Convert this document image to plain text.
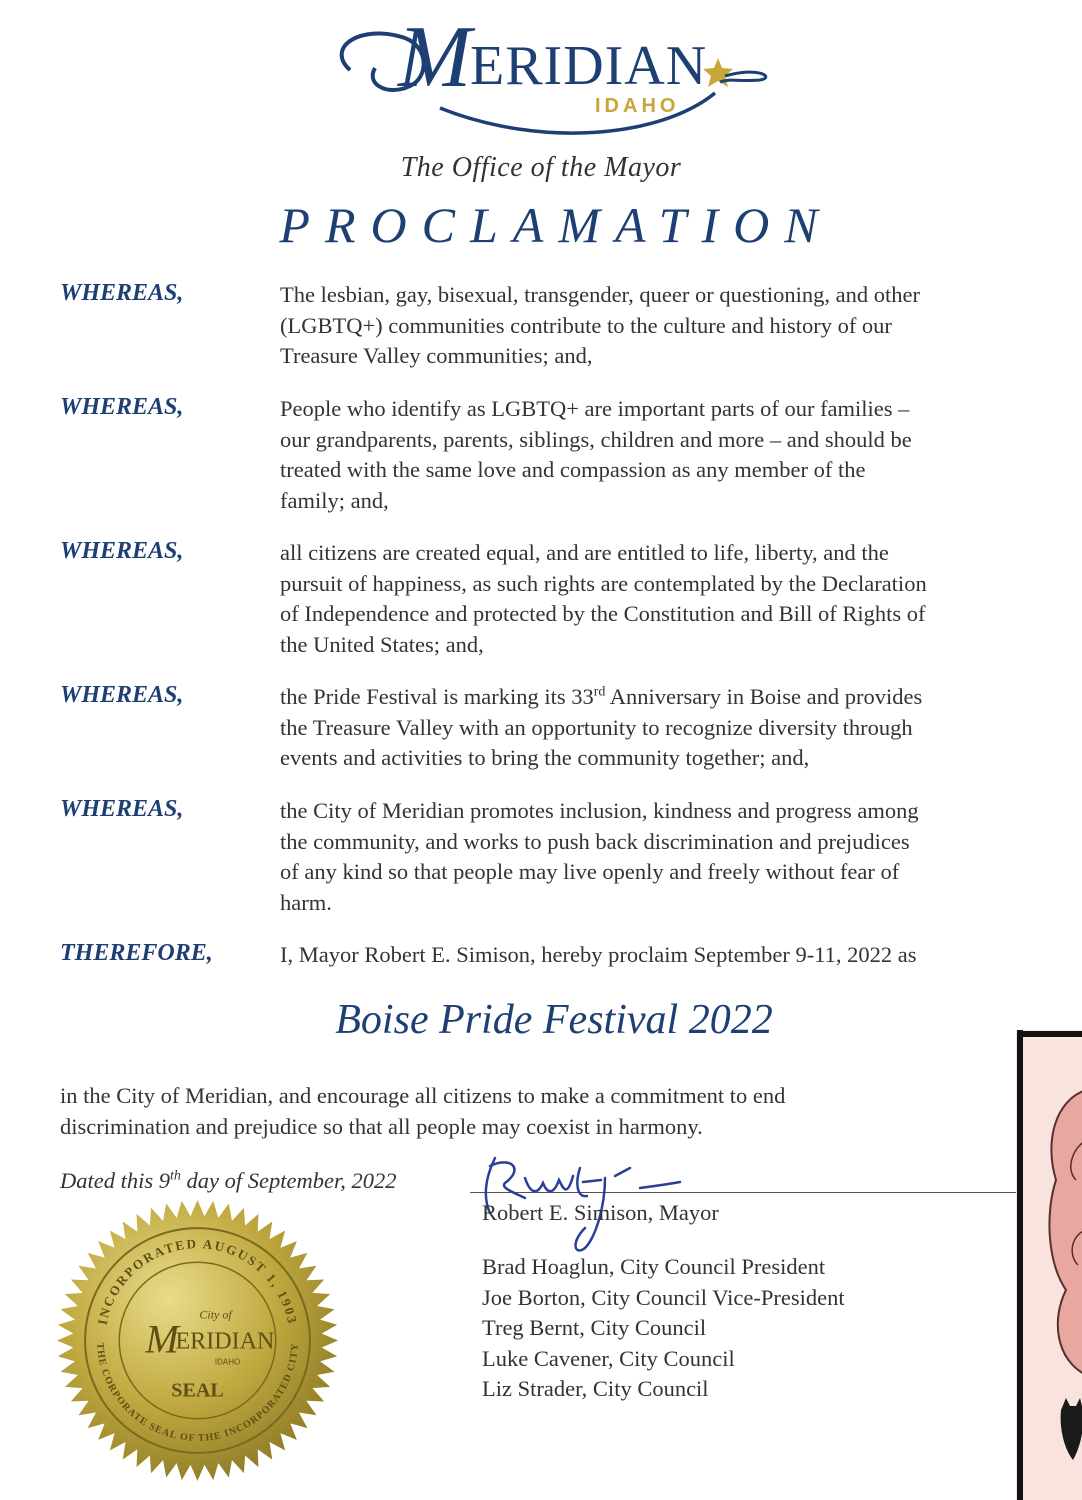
M
ERIDIAN
IDAHO
The Office of the Mayor
PROCLAMATION
WHEREAS,	The lesbian, gay, bisexual, transgender, queer or questioning, and other

(LGBTQ+) communities contribute to the culture and history of our

Treasure Valley communities; and,

WHEREAS,	People who identify as LGBTQ+ are important parts of our families –

our grandparents, parents, siblings, children and more – and should be

treated with the same love and compassion as any member of the

family; and,

WHEREAS,	all citizens are created equal, and are entitled to life, liberty, and the

pursuit of happiness, as such rights are contemplated by the Declaration

of Independence and protected by the Constitution and Bill of Rights of

the United States; and,

WHEREAS,	the Pride Festival is marking its 33rd Anniversary in Boise and provides

the Treasure Valley with an opportunity to recognize diversity through

events and activities to bring the community together; and,

WHEREAS,	the City of Meridian promotes inclusion, kindness and progress among

the community, and works to push back discrimination and prejudices

of any kind so that people may live openly and freely without fear of

harm.

THEREFORE,	I, Mayor Robert E. Simison, hereby proclaim September 9-11, 2022 as

Boise Pride Festival 2022

in the City of Meridian, and encourage all citizens to make a commitment to end

discrimination and prejudice so that all people may coexist in harmony.

Dated this 9th day of September, 2022
Robert E. Simison, Mayor
Brad Hoaglun, City Council President
Joe Borton, City Council Vice-President
Treg Bernt, City Council
Luke Cavener, City Council
Liz Strader, City Council
INCORPORATED AUGUST 1, 1903
THE CORPORATE SEAL OF THE INCORPORATED CITY
City of
M
ERIDIAN
IDAHO
SEAL
